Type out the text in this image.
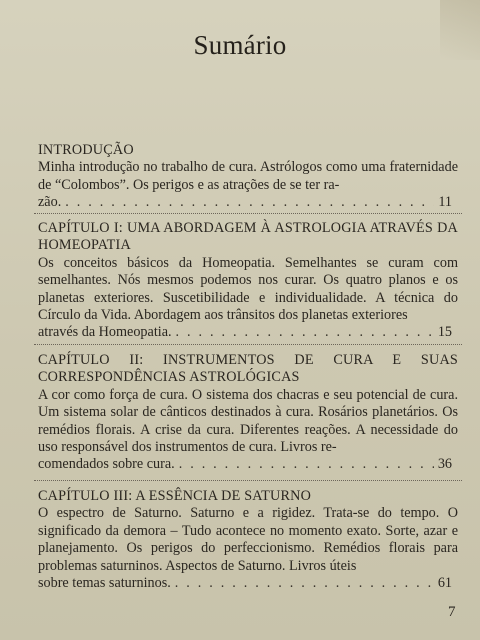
Sumário
INTRODUÇÃO
Minha introdução no trabalho de cura. Astrólogos como uma fraternidade de “Colombos”. Os perigos e as atrações de se ter ra-
zão. . . .	11
CAPÍTULO I: UMA ABORDAGEM À ASTROLOGIA ATRAVÉS DA HOMEOPATIA
Os conceitos básicos da Homeopatia. Semelhantes se curam com semelhantes. Nós mesmos podemos nos curar. Os quatro planos e os planetas exteriores. Suscetibilidade e individualidade. A técnica do Círculo da Vida. Abordagem aos trânsitos dos planetas exteriores
através da Homeopatia. . . .	15
CAPÍTULO II: INSTRUMENTOS DE CURA E SUAS CORRESPONDÊNCIAS ASTROLÓGICAS
A cor como força de cura. O sistema dos chacras e seu potencial de cura. Um sistema solar de cânticos destinados à cura. Rosários planetários. Os remédios florais. A crise da cura. Diferentes reações. A necessidade do uso responsável dos instrumentos de cura. Livros re-
comendados sobre cura. . . .	36
CAPÍTULO III: A ESSÊNCIA DE SATURNO
O espectro de Saturno. Saturno e a rigidez. Trata-se do tempo. O significado da demora – Tudo acontece no momento exato. Sorte, azar e planejamento. Os perigos do perfeccionismo. Remédios florais para problemas saturninos. Aspectos de Saturno. Livros úteis
sobre temas saturninos. . . .	61
7
